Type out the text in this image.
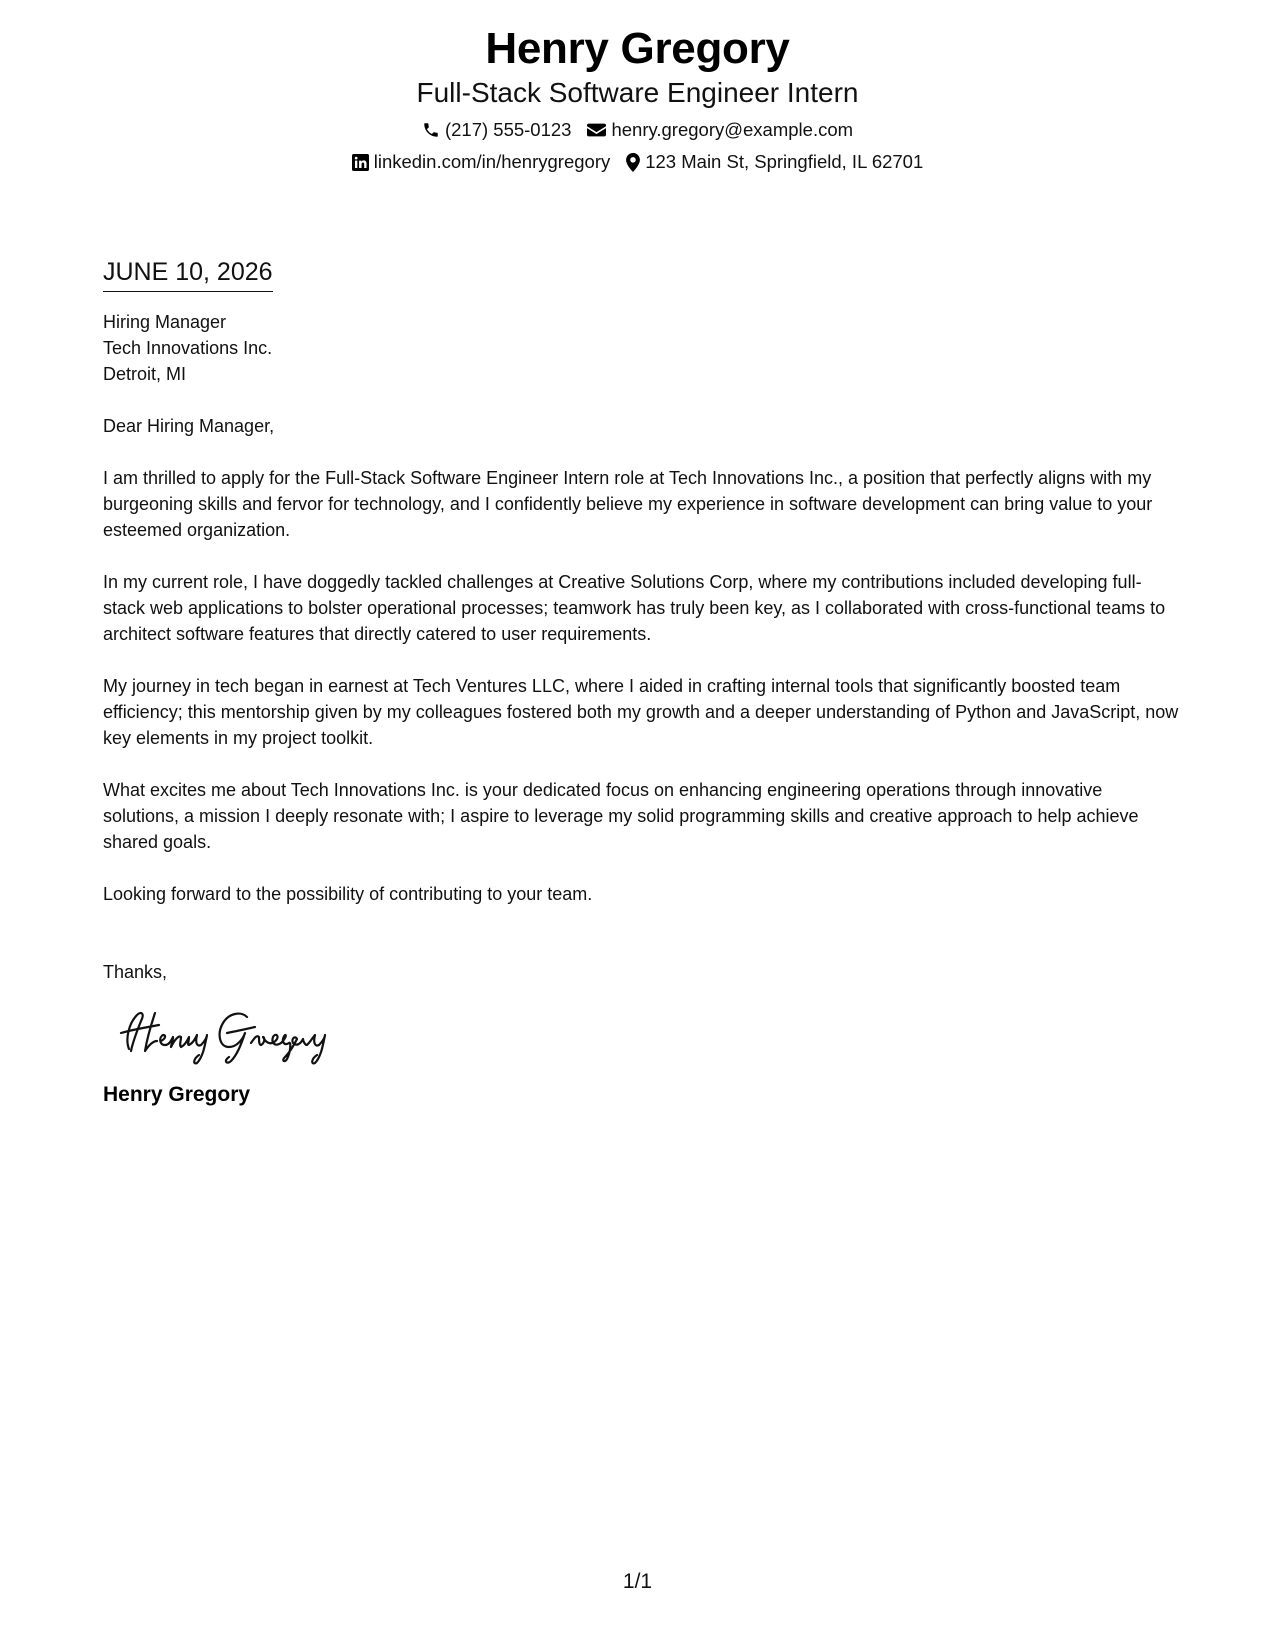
Henry Gregory
Full-Stack Software Engineer Intern
(217) 555-0123 henry.gregory@example.com
linkedin.com/in/henrygregory 123 Main St, Springfield, IL 62701
JUNE 10, 2026
Hiring Manager
Tech Innovations Inc.
Detroit, MI
Dear Hiring Manager,
I am thrilled to apply for the Full-Stack Software Engineer Intern role at Tech Innovations Inc., a position that perfectly aligns with my burgeoning skills and fervor for technology, and I confidently believe my experience in software development can bring value to your esteemed organization.
In my current role, I have doggedly tackled challenges at Creative Solutions Corp, where my contributions included developing full-stack web applications to bolster operational processes; teamwork has truly been key, as I collaborated with cross-functional teams to architect software features that directly catered to user requirements.
My journey in tech began in earnest at Tech Ventures LLC, where I aided in crafting internal tools that significantly boosted team efficiency; this mentorship given by my colleagues fostered both my growth and a deeper understanding of Python and JavaScript, now key elements in my project toolkit.
What excites me about Tech Innovations Inc. is your dedicated focus on enhancing engineering operations through innovative solutions, a mission I deeply resonate with; I aspire to leverage my solid programming skills and creative approach to help achieve shared goals.
Looking forward to the possibility of contributing to your team.
Thanks,
Henry Gregory
1/1
